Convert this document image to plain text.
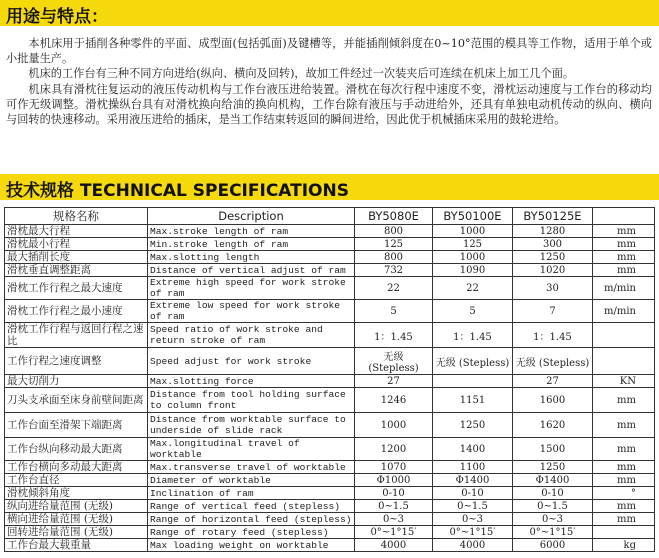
用途与特点：

本机床用于插削各种零件的平面、成型面(包括弧面)及键槽等，并能插削倾斜度在0~10°范围的模具等工作物，适用于单个或小批量生产。

机床的工作台有三种不同方向进给(纵向、横向及回转)，故加工件经过一次装夹后可连续在机床上加工几个面。

机床具有滑枕往复运动的液压传动机构与工作台液压进给装置。滑枕在每次行程中速度不变，滑枕运动速度与工作台的移动均可作无级调整。滑枕操纵台具有对滑枕换向给油的换向机构，工作台除有液压与手动进给外，还具有单独电动机传动的纵向、横向与回转的快速移动。采用液压进给的插床，是当工作结束转返回的瞬间进给，因此优于机械插床采用的鼓轮进给。

技术规格 TECHNICAL SPECIFICATIONS
规格名称	Description	BY5080E	BY50100E	BY50125E	
滑枕最大行程	Max.stroke length of ram	800	1000	1280	mm
滑枕最小行程	Min.stroke length of ram	125	125	300	mm
最大插削长度	Max.slotting length	800	1000	1250	mm
滑枕垂直调整距离	Distance of vertical adjust of ram	732	1090	1020	mm
滑枕工作行程之最大速度	Extreme high speed for work stroke of ram	22	22	30	m/min
滑枕工作行程之最小速度	Extreme low speed for work stroke of ram	5	5	7	m/min
滑枕工作行程与返回行程之速比	Speed ratio of work stroke and return stroke of ram	1：1.45	1：1.45	1：1.45	
工作行程之速度调整	Speed adjust for work stroke	无级 (Stepless)	无级 (Stepless)	无级 (Stepless)	
最大切削力	Max.slotting force	27		27	KN
刀头支承面至床身前壁间距离	Distance from tool holding surface to column front	1246	1151	1600	mm
工作台面至滑架下端距离	Distance from worktable surface to underside of slide rack	1000	1250	1620	mm
工作台纵向移动最大距离	Max.longitudinal travel of worktable	1200	1400	1500	mm
工作台横向多动最大距离	Max.transverse travel of worktable	1070	1100	1250	mm
工作台直径	Diameter of worktable	Φ1000	Φ1400	Φ1400	mm
滑枕倾斜角度	Inclination of ram	0-10	0-10	0-10	°
纵向进给量范围 (无级)	Range of vertical feed (stepless)	0~1.5	0~1.5	0~1.5	mm
横向进给量范围 (无级)	Range of horizontal feed (stepless)	0~3	0~3	0~3	mm
回转进给量范围 (无级)	Range of rotary feed (stepless)	0°~1°15′	0°~1°15′	0°~1°15′	
工作台最大载重量	Max loading weight on worktable	4000	4000	6000	kg
